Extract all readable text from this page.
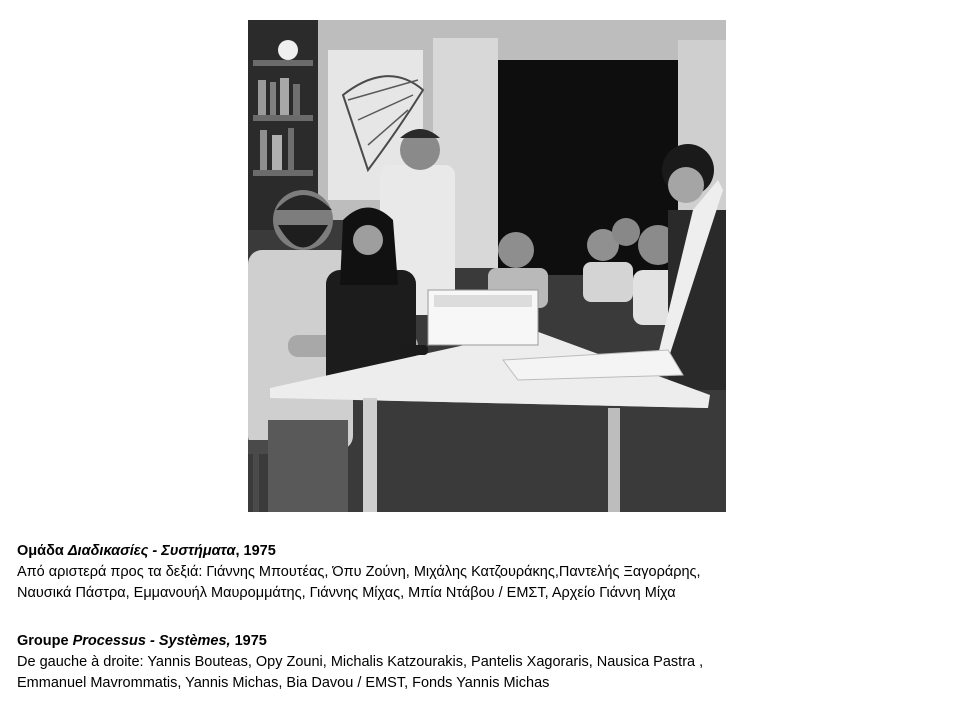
Ομάδα Διαδικασίες - Συστήματα, 1975

Από αριστερά προς τα δεξιά: Γιάννης Μπουτέας, Όπυ Ζούνη, Μιχάλης Κατζουράκης,Παντελής Ξαγοράρης,

Ναυσικά Πάστρα, Εμμανουήλ Μαυρομμάτης, Γιάννης Μίχας, Μπία Ντάβου / ΕΜΣΤ, Αρχείο Γιάννη Μίχα

Groupe Processus - Systèmes, 1975

De gauche à droite: Yannis Bouteas, Opy Zouni, Michalis Katzourakis, Pantelis Xagoraris, Nausica Pastra ,

Emmanuel Mavrommatis, Yannis Michas, Bia Davou / EMST, Fonds Yannis Michas
